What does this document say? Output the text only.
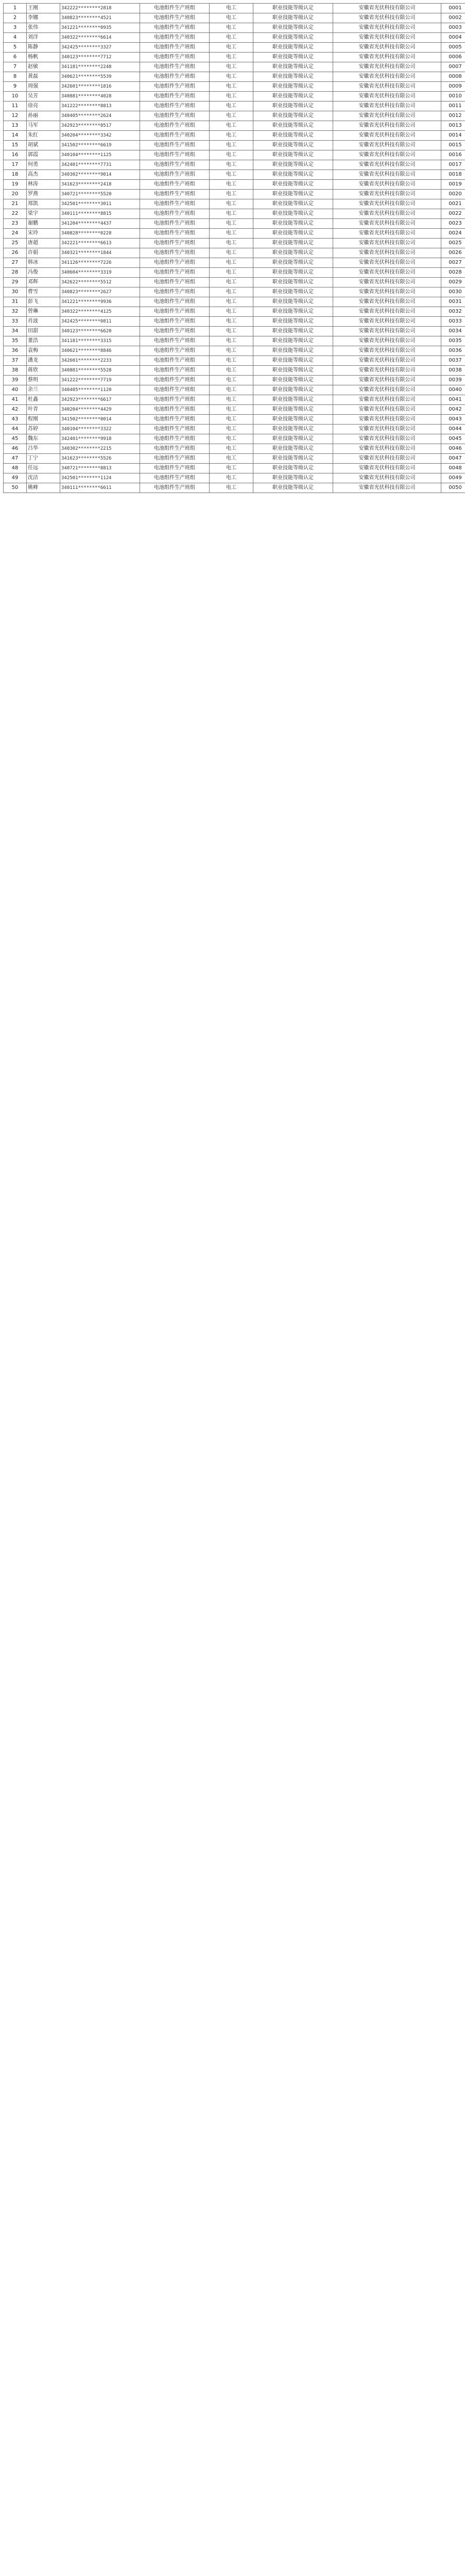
1	王刚	342222********2818	电池组件生产班组	电工	职业技能等级认定	安徽省光伏科技有限公司	0001
2	李娜	340823********4521	电池组件生产班组	电工	职业技能等级认定	安徽省光伏科技有限公司	0002
3	张伟	341221********0935	电池组件生产班组	电工	职业技能等级认定	安徽省光伏科技有限公司	0003
4	刘洋	340322********6614	电池组件生产班组	电工	职业技能等级认定	安徽省光伏科技有限公司	0004
5	陈静	342425********3327	电池组件生产班组	电工	职业技能等级认定	安徽省光伏科技有限公司	0005
6	杨帆	340123********7712	电池组件生产班组	电工	职业技能等级认定	安徽省光伏科技有限公司	0006
7	赵敏	341181********2248	电池组件生产班组	电工	职业技能等级认定	安徽省光伏科技有限公司	0007
8	黄磊	340621********5539	电池组件生产班组	电工	职业技能等级认定	安徽省光伏科技有限公司	0008
9	周强	342601********1816	电池组件生产班组	电工	职业技能等级认定	安徽省光伏科技有限公司	0009
10	吴芳	340881********4028	电池组件生产班组	电工	职业技能等级认定	安徽省光伏科技有限公司	0010
11	徐亮	341222********8813	电池组件生产班组	电工	职业技能等级认定	安徽省光伏科技有限公司	0011
12	孙丽	340405********2624	电池组件生产班组	电工	职业技能等级认定	安徽省光伏科技有限公司	0012
13	马军	342923********0517	电池组件生产班组	电工	职业技能等级认定	安徽省光伏科技有限公司	0013
14	朱红	340204********3342	电池组件生产班组	电工	职业技能等级认定	安徽省光伏科技有限公司	0014
15	胡斌	341502********6619	电池组件生产班组	电工	职业技能等级认定	安徽省光伏科技有限公司	0015
16	郭霞	340104********1125	电池组件生产班组	电工	职业技能等级认定	安徽省光伏科技有限公司	0016
17	何勇	342401********7731	电池组件生产班组	电工	职业技能等级认定	安徽省光伏科技有限公司	0017
18	高杰	340302********9014	电池组件生产班组	电工	职业技能等级认定	安徽省光伏科技有限公司	0018
19	林涛	341623********2418	电池组件生产班组	电工	职业技能等级认定	安徽省光伏科技有限公司	0019
20	罗燕	340721********5520	电池组件生产班组	电工	职业技能等级认定	安徽省光伏科技有限公司	0020
21	郑凯	342501********3011	电池组件生产班组	电工	职业技能等级认定	安徽省光伏科技有限公司	0021
22	梁宇	340111********8815	电池组件生产班组	电工	职业技能等级认定	安徽省光伏科技有限公司	0022
23	谢鹏	341204********4437	电池组件生产班组	电工	职业技能等级认定	安徽省光伏科技有限公司	0023
24	宋玲	340828********0228	电池组件生产班组	电工	职业技能等级认定	安徽省光伏科技有限公司	0024
25	唐超	342221********6613	电池组件生产班组	电工	职业技能等级认定	安徽省光伏科技有限公司	0025
26	许娟	340321********1844	电池组件生产班组	电工	职业技能等级认定	安徽省光伏科技有限公司	0026
27	韩冰	341126********7226	电池组件生产班组	电工	职业技能等级认定	安徽省光伏科技有限公司	0027
28	冯俊	340604********3319	电池组件生产班组	电工	职业技能等级认定	安徽省光伏科技有限公司	0028
29	邓辉	342622********5512	电池组件生产班组	电工	职业技能等级认定	安徽省光伏科技有限公司	0029
30	曹雪	340823********2627	电池组件生产班组	电工	职业技能等级认定	安徽省光伏科技有限公司	0030
31	彭飞	341221********9936	电池组件生产班组	电工	职业技能等级认定	安徽省光伏科技有限公司	0031
32	曾琳	340322********4125	电池组件生产班组	电工	职业技能等级认定	安徽省光伏科技有限公司	0032
33	肖波	342425********0811	电池组件生产班组	电工	职业技能等级认定	安徽省光伏科技有限公司	0033
34	田甜	340123********6620	电池组件生产班组	电工	职业技能等级认定	安徽省光伏科技有限公司	0034
35	董浩	341181********3315	电池组件生产班组	电工	职业技能等级认定	安徽省光伏科技有限公司	0035
36	袁梅	340621********8846	电池组件生产班组	电工	职业技能等级认定	安徽省光伏科技有限公司	0036
37	潘龙	342601********2233	电池组件生产班组	电工	职业技能等级认定	安徽省光伏科技有限公司	0037
38	蒋欣	340881********5528	电池组件生产班组	电工	职业技能等级认定	安徽省光伏科技有限公司	0038
39	蔡明	341222********7719	电池组件生产班组	电工	职业技能等级认定	安徽省光伏科技有限公司	0039
40	余兰	340405********1120	电池组件生产班组	电工	职业技能等级认定	安徽省光伏科技有限公司	0040
41	杜鑫	342923********6617	电池组件生产班组	电工	职业技能等级认定	安徽省光伏科技有限公司	0041
42	叶青	340204********4429	电池组件生产班组	电工	职业技能等级认定	安徽省光伏科技有限公司	0042
43	程刚	341502********0014	电池组件生产班组	电工	职业技能等级认定	安徽省光伏科技有限公司	0043
44	苏婷	340104********3322	电池组件生产班组	电工	职业技能等级认定	安徽省光伏科技有限公司	0044
45	魏东	342401********9918	电池组件生产班组	电工	职业技能等级认定	安徽省光伏科技有限公司	0045
46	吕华	340302********2215	电池组件生产班组	电工	职业技能等级认定	安徽省光伏科技有限公司	0046
47	丁宁	341623********5526	电池组件生产班组	电工	职业技能等级认定	安徽省光伏科技有限公司	0047
48	任远	340721********8813	电池组件生产班组	电工	职业技能等级认定	安徽省光伏科技有限公司	0048
49	沈洁	342501********1124	电池组件生产班组	电工	职业技能等级认定	安徽省光伏科技有限公司	0049
50	姚峰	340111********6611	电池组件生产班组	电工	职业技能等级认定	安徽省光伏科技有限公司	0050
